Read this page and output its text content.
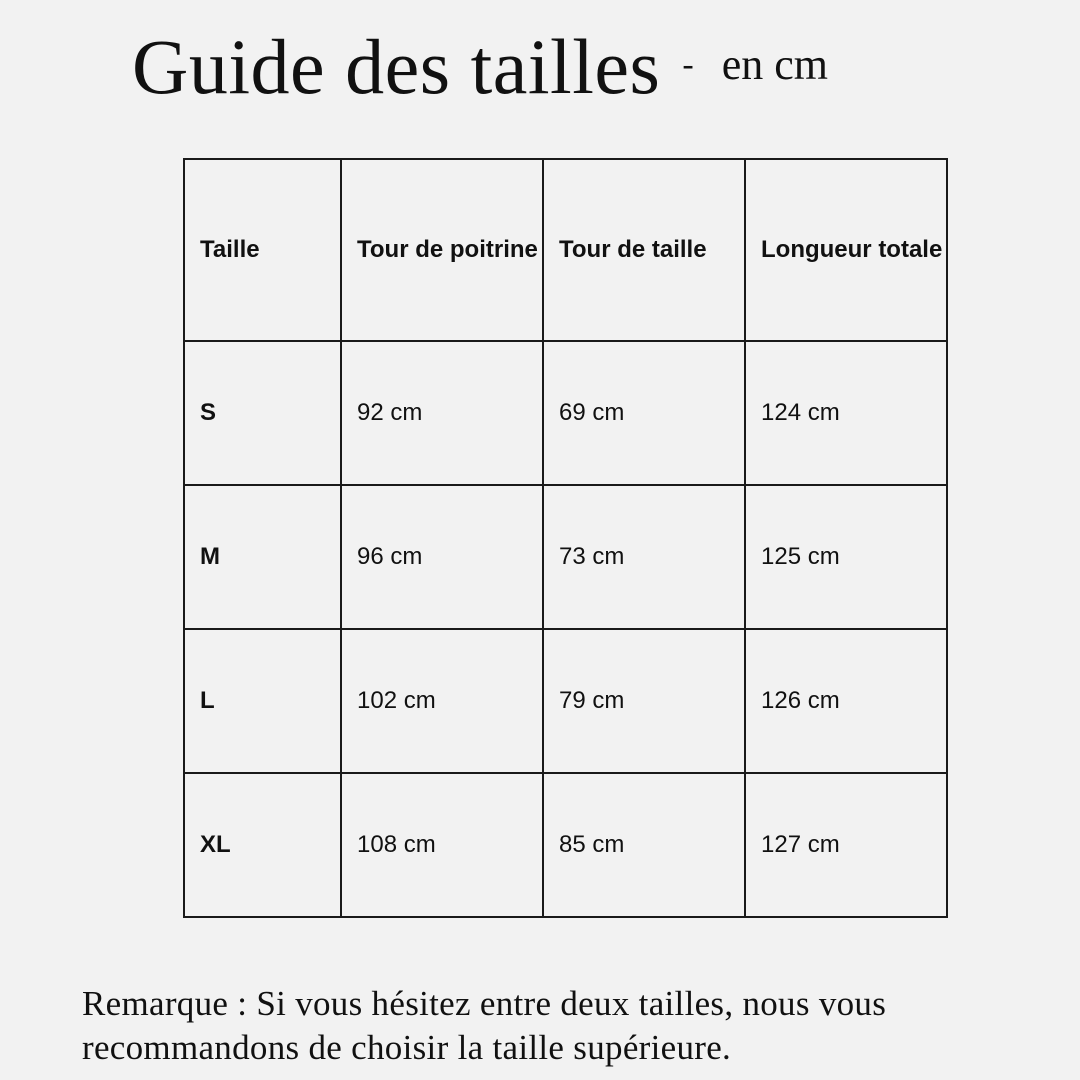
Guide des tailles - en cm
Taille	Tour de poitrine	Tour de taille	Longueur totale
S	92 cm	69 cm	124 cm
M	96 cm	73 cm	125 cm
L	102 cm	79 cm	126 cm
XL	108 cm	85 cm	127 cm
Remarque : Si vous hésitez entre deux tailles, nous vous recommandons de choisir la taille supérieure.
